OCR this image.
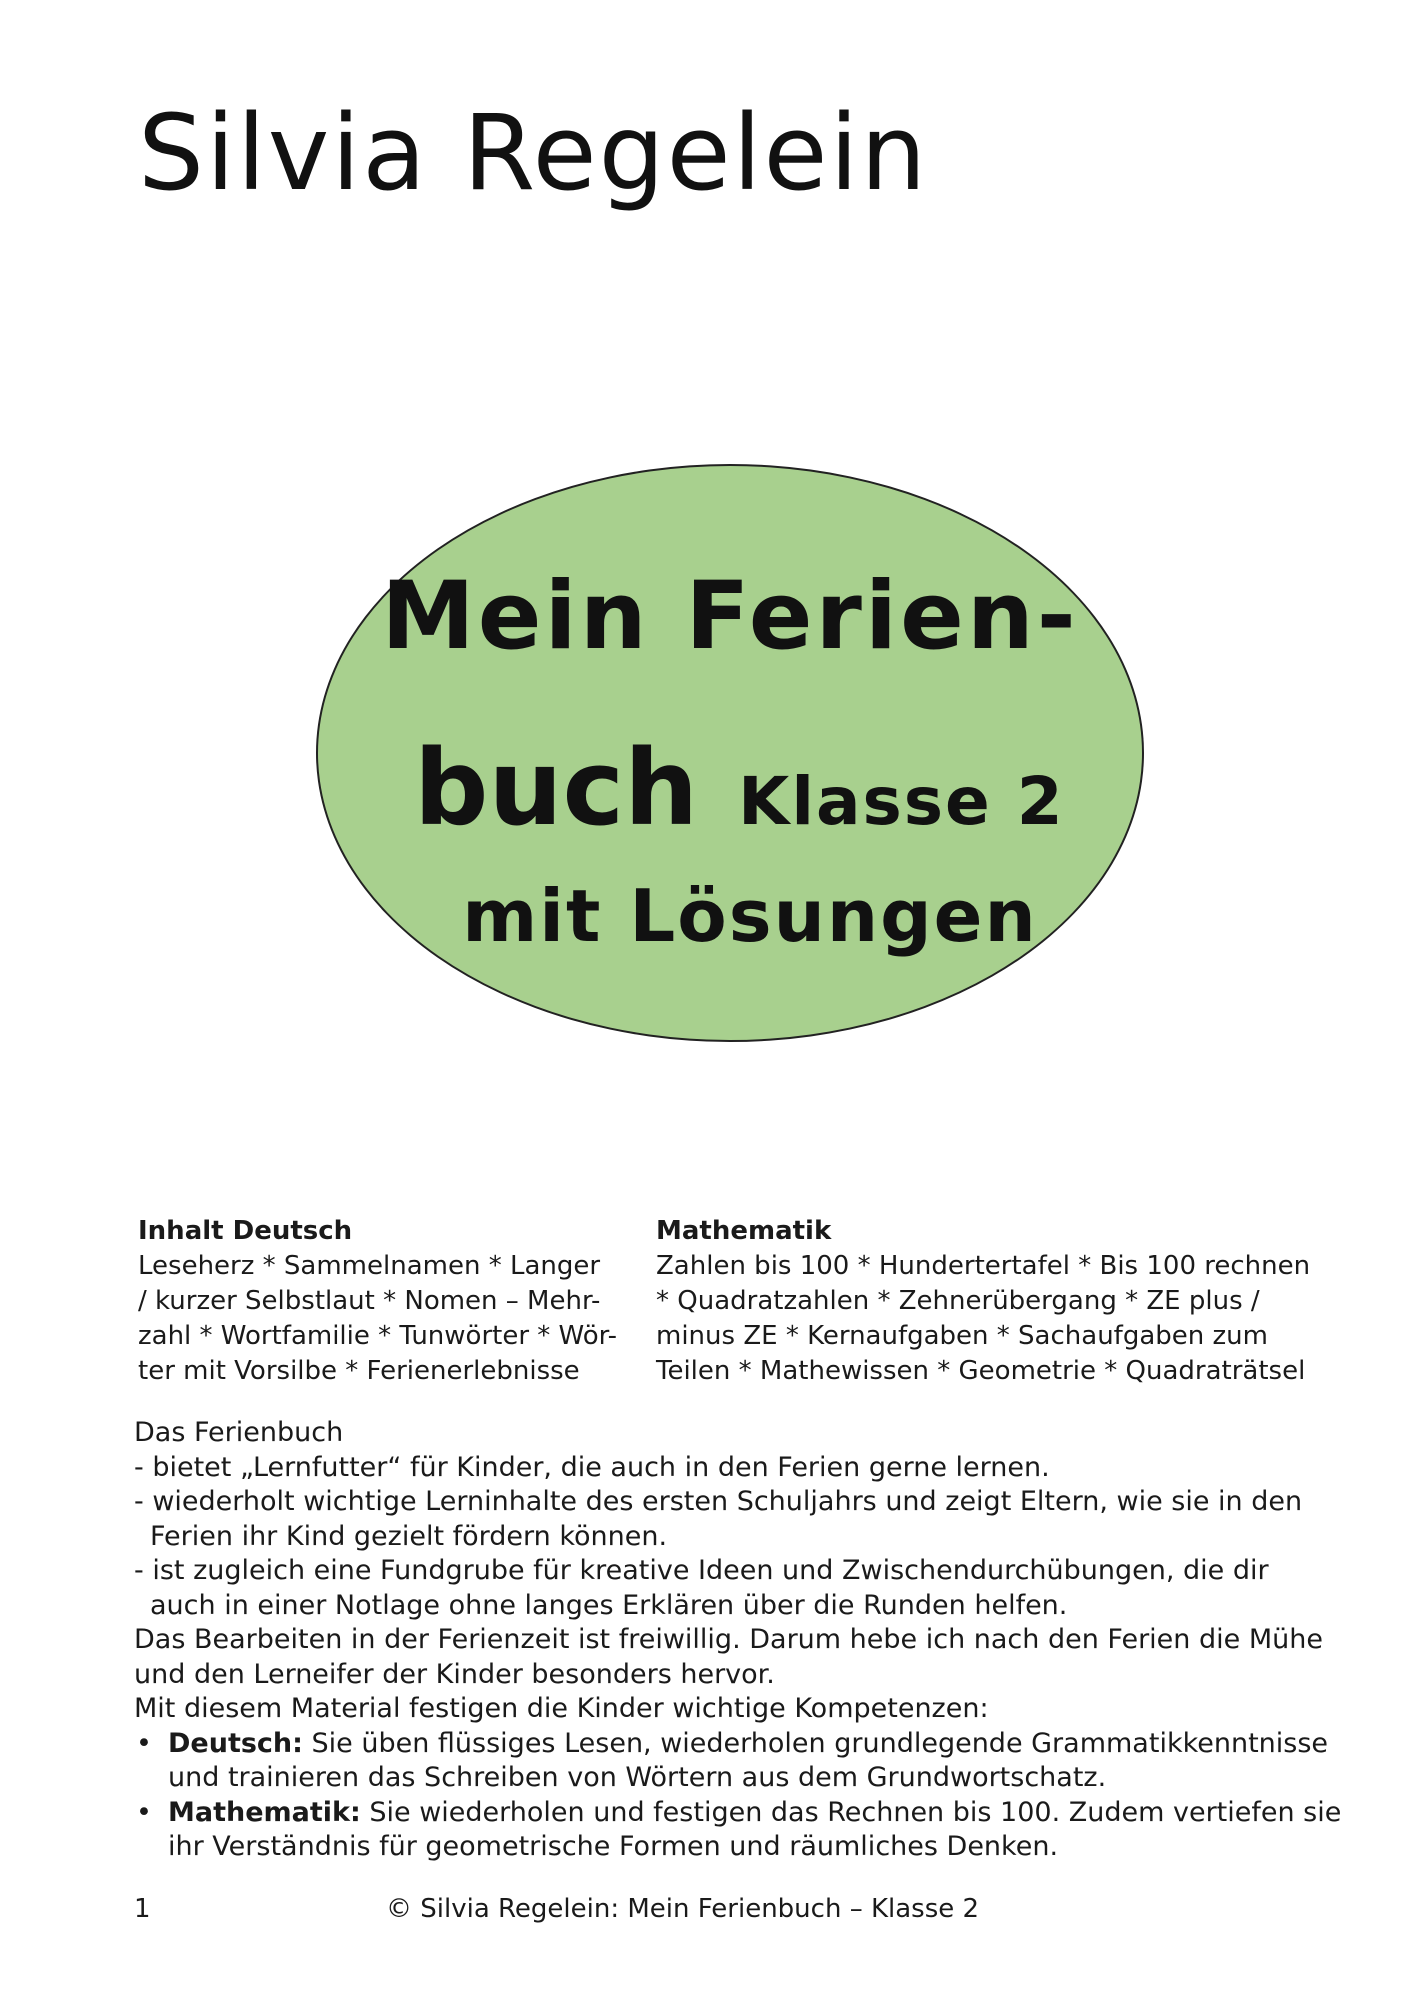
Silvia Regelein
Mein Ferien-
buch Klasse 2
mit Lösungen
Inhalt Deutsch
Leseherz * Sammelnamen * Langer
/ kurzer Selbstlaut * Nomen – Mehr-
zahl * Wortfamilie * Tunwörter * Wör-
ter mit Vorsilbe * Ferienerlebnisse
Mathematik
Zahlen bis 100 * Hundertertafel * Bis 100 rechnen
* Quadratzahlen * Zehnerübergang * ZE plus /
minus ZE * Kernaufgaben * Sachaufgaben zum
Teilen * Mathewissen * Geometrie * Quadraträtsel
Das Ferienbuch
- bietet „Lernfutter“ für Kinder, die auch in den Ferien gerne lernen.
- wiederholt wichtige Lerninhalte des ersten Schuljahrs und zeigt Eltern, wie sie in den
Ferien ihr Kind gezielt fördern können.
- ist zugleich eine Fundgrube für kreative Ideen und Zwischendurchübungen, die dir
auch in einer Notlage ohne langes Erklären über die Runden helfen.
Das Bearbeiten in der Ferienzeit ist freiwillig. Darum hebe ich nach den Ferien die Mühe
und den Lerneifer der Kinder besonders hervor.
Mit diesem Material festigen die Kinder wichtige Kompetenzen:
• Deutsch: Sie üben flüssiges Lesen, wiederholen grundlegende Grammatikkenntnisse
und trainieren das Schreiben von Wörtern aus dem Grundwortschatz.
• Mathematik: Sie wiederholen und festigen das Rechnen bis 100. Zudem vertiefen sie
ihr Verständnis für geometrische Formen und räumliches Denken.
1	© Silvia Regelein: Mein Ferienbuch – Klasse 2
